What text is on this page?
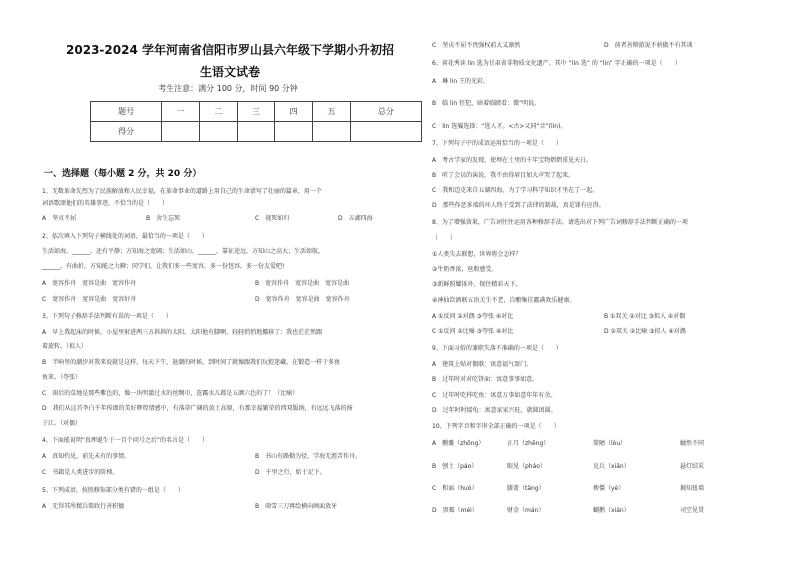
2023-2024 学年河南省信阳市罗山县六年级下学期小升初招
生语文试卷
考生注意：满分 100 分，时间 90 分钟
题号	一	二	三	四	五	总分
得分						
一、选择题（每小题 2 分，共 20 分）
1、无数革命先烈为了民族解放和人民幸福，在革命事业的道路上用自己的生命谱写了壮丽的篇章，用一个
词语歌颂他们的英雄事迹，不恰当的是（　　）
A　坚贞不屈	B　舍生忘死	C　视死如归	D　五湖四海
2、依次填入下列句子横线处的词语，最恰当的一项是（　　）
生活如海，______，还有平静；方知海之宽阔；生活如山，______，靠征途远，方知山之高大；生活如航，
______，有曲折，方知能之力聊；同学们，让我们多一些宽容，多一份包容，多一份友爱吧!
A　宽容作舟　宽容是曲　宽容作舟	B　宽容作舟　宽容是曲　宽容是曲
C　宽容作舟　宽容是曲　宽容好舟	D　宽容作舟　宽容是曲　宽容作舟
3、下列句子修辞手法判断有误的一项是（　　）
A　早上我起床的时候，小屋里射进两三方斜斜的太阳。太阳他有脚啊，轻轻悄悄地挪移了；我也茫茫然跟
着旋转。（拟人）
B　半响里的潮汐对我来说就是这样，每天下午，退潮的时候，到时间了就像跟我们玩捉迷藏，在锻造一样于多鱼
鱼来。（夸张）
C　雨后的草地是那些紫色的，像一块明澈过水的丝绸巾，连露水儿都是五颜六色的了！（比喻）
D　我们从这首李白千年传颂的美好辉煌情感中，有落蒂广阔的黄土高原，有那幸福繁荣的西双版纳，有远远飞落的扬
子江。（对偶）
4、下面能说明“真理诞生于一百个问号之后”的名言是（　　）
A　真知灼见，前先未有的事情。	B　书山有路勤为径，学海无涯苦作舟。
C　书籍是人类进步的阶梯。	D　千里之行，始于足下。
5、下列成语，按照修饰部分类有错的一组是（　　）
A　无得其所精兵简政行善积德	B　雨雪三刀再绘横向画面放牙
C　坚贞不屈不畏强权前大义凛然	D　前者善辩游说不骄傲不有其谈
6、荷花秀读 lin 选为甘肃省非物质文化遗产。其中 “lin 选” 的 “lin” 字正确的一项是（　　）
A　琳 lin 王的光彩。
B　临 lin 狂犯，暗着临睛看：微“明说。
C　lin 选骗选择：“选人才。<古>又同“音”(lin)。
7、下列句子中的成语运用恰当的一项是（　　）
A　考古学家的发现，使埋在土里的千年宝物熠熠重见天日。
B　听了会员的演说，我不由得眉目加大声哭了起来。
C　我和迈克来自五湖四海，为了学习科学知识才坐在了一起。
D　那些作恶多端的坏人终于受到了法律的制裁，真是罪有应得。
8、为了增强效果，广告词往往运用各种修辞手法。请选出对下列广告词修辞手法判断正确的一项
（　　）
①人类失去联想，世界将会怎样？
②牛奶香浓，丝般感受。
③新鲜照耀体外，保住精彩天下。
④神仙饮酒联五语关生不老，自酿集佳露满欢乐健康。
A ①反问 ②对偶 ③夸张 ④对比	B ①双关 ②对比 ③拟人 ④对偶
C ①反问 ②比喻 ③夸张 ④对比	D ①双关 ②比喻 ③拟人 ④对偶
9、下面习俗的兼职失落不准确的一项是（　　）
A　建筑上贴对偶联：寓意福气盈门。
B　过年时对对吃饼面：寓意事事如意。
C　过年时吃样吃鱼：寓意万事如意年年有余。
D　过年时时接龟：寓意家家兴旺，就圆团圆。
10、下列字音和字形全部正确的一项是（　　）
A　删嚢（zhōng）	正月（zhēng）	简陋（lòu）	触然不同
B　刨土（páo）	眼见（pháo）	克兵（xiān）	悬灯结采
C　和面（huó）	膝盖（tāng）	掺僵（yè）	揭知扭墙
D　黑霉（méi）	财金（mán）	蝴鹅（xián）	司空见贯
